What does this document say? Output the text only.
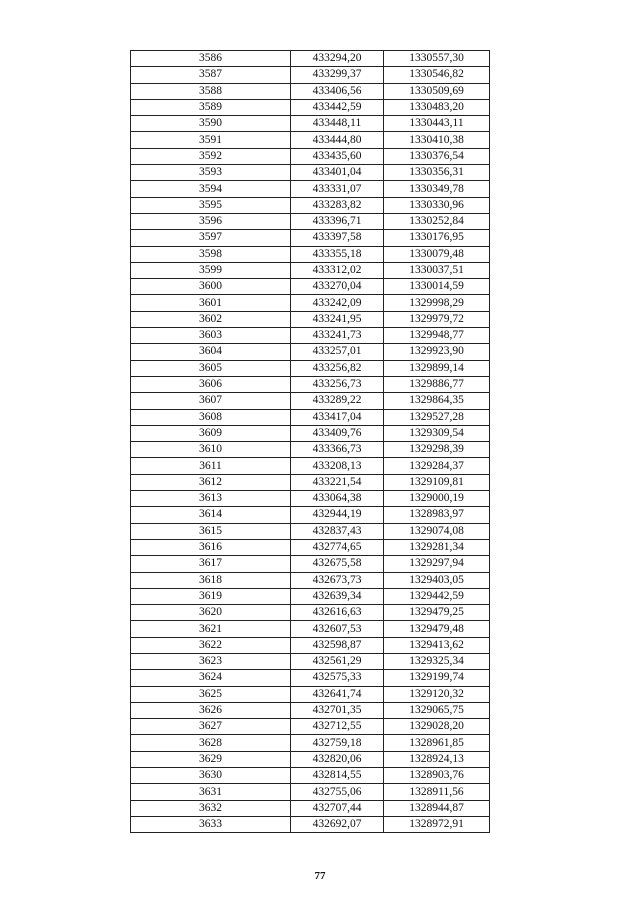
3586	433294,20	1330557,30
3587	433299,37	1330546,82
3588	433406,56	1330509,69
3589	433442,59	1330483,20
3590	433448,11	1330443,11
3591	433444,80	1330410,38
3592	433435,60	1330376,54
3593	433401,04	1330356,31
3594	433331,07	1330349,78
3595	433283,82	1330330,96
3596	433396,71	1330252,84
3597	433397,58	1330176,95
3598	433355,18	1330079,48
3599	433312,02	1330037,51
3600	433270,04	1330014,59
3601	433242,09	1329998,29
3602	433241,95	1329979,72
3603	433241,73	1329948,77
3604	433257,01	1329923,90
3605	433256,82	1329899,14
3606	433256,73	1329886,77
3607	433289,22	1329864,35
3608	433417,04	1329527,28
3609	433409,76	1329309,54
3610	433366,73	1329298,39
3611	433208,13	1329284,37
3612	433221,54	1329109,81
3613	433064,38	1329000,19
3614	432944,19	1328983,97
3615	432837,43	1329074,08
3616	432774,65	1329281,34
3617	432675,58	1329297,94
3618	432673,73	1329403,05
3619	432639,34	1329442,59
3620	432616,63	1329479,25
3621	432607,53	1329479,48
3622	432598,87	1329413,62
3623	432561,29	1329325,34
3624	432575,33	1329199,74
3625	432641,74	1329120,32
3626	432701,35	1329065,75
3627	432712,55	1329028,20
3628	432759,18	1328961,85
3629	432820,06	1328924,13
3630	432814,55	1328903,76
3631	432755,06	1328911,56
3632	432707,44	1328944,87
3633	432692,07	1328972,91
77
